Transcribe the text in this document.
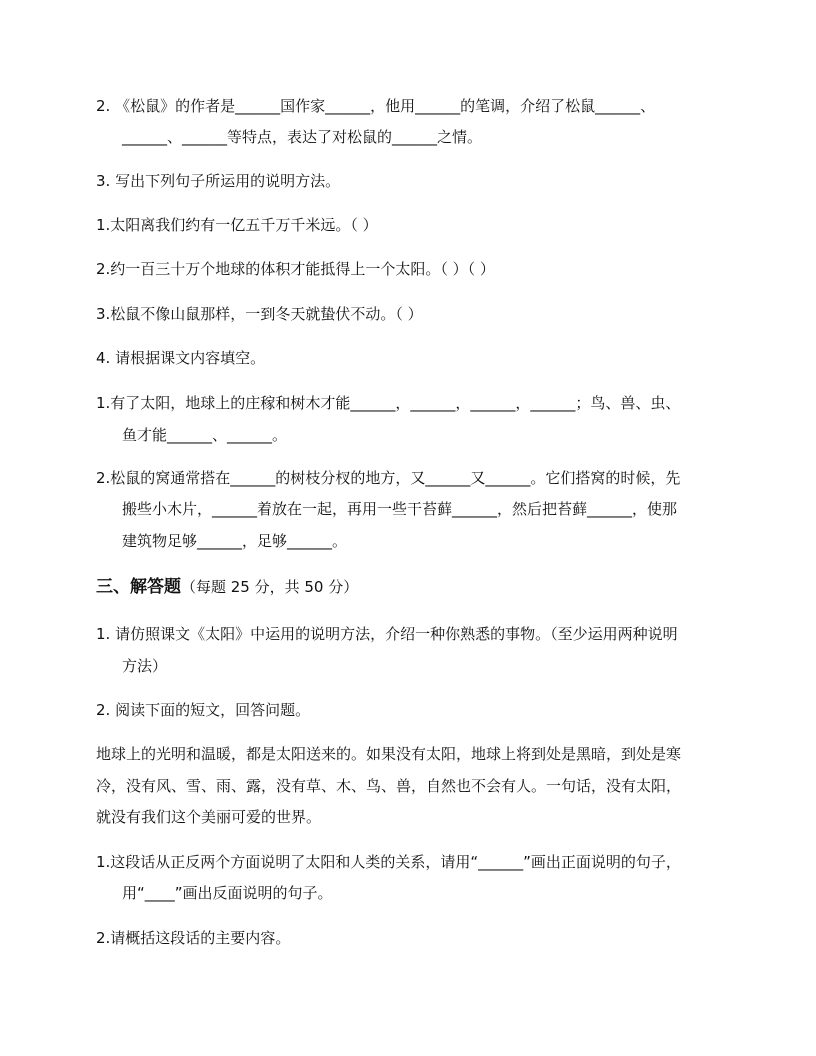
2. 《松鼠》的作者是______国作家______，他用______的笔调，介绍了松鼠______、
______、______等特点，表达了对松鼠的______之情。
3. 写出下列句子所运用的说明方法。
1.太阳离我们约有一亿五千万千米远。（ ）
2.约一百三十万个地球的体积才能抵得上一个太阳。（ ）（ ）
3.松鼠不像山鼠那样，一到冬天就蛰伏不动。（ ）
4. 请根据课文内容填空。
1.有了太阳，地球上的庄稼和树木才能______，______，______，______；鸟、兽、虫、
鱼才能______、______。
2.松鼠的窝通常搭在______的树枝分杈的地方，又______又______。它们搭窝的时候，先
搬些小木片，______着放在一起，再用一些干苔藓______，然后把苔藓______，使那
建筑物足够______，足够______。
三、解答题（每题 25 分，共 50 分）
1. 请仿照课文《太阳》中运用的说明方法，介绍一种你熟悉的事物。（至少运用两种说明
方法）
2. 阅读下面的短文，回答问题。
地球上的光明和温暖，都是太阳送来的。如果没有太阳，地球上将到处是黑暗，到处是寒
冷，没有风、雪、雨、露，没有草、木、鸟、兽，自然也不会有人。一句话，没有太阳，
就没有我们这个美丽可爱的世界。
1.这段话从正反两个方面说明了太阳和人类的关系，请用“______”画出正面说明的句子，
用“____”画出反面说明的句子。
2.请概括这段话的主要内容。
